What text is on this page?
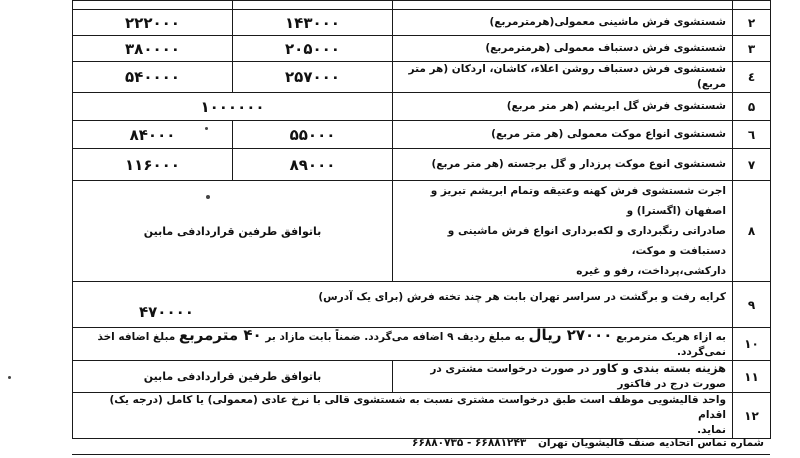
۲	شستشوی فرش ماشینی معمولی(هرمترمربع)	۱۴۳۰۰۰	۲۲۲۰۰۰
۳	شستشوی فرش دستباف معمولی (هرمترمربع)	۲۰۵۰۰۰	۳۸۰۰۰۰
٤	شستشوی فرش دستباف روشن اعلاء، کاشان، اردکان (هر متر مربع)	۲۵۷۰۰۰	۵۴۰۰۰۰
۵	شستشوی فرش گل ابریشم (هر متر مربع)	۱۰۰۰۰۰۰	
٦	شستشوی انواع موکت معمولی (هر متر مربع)	۵۵۰۰۰	۸۴۰۰۰
۷	شستشوی انوع موکت پرزدار و گل برجسته (هر متر مربع)	۸۹۰۰۰	۱۱۶۰۰۰
۸	اجرت شستشوی فرش کهنه وعتیقه وتمام ابریشم تبریز و اصفهان (اگسترا) و
صادراتی رنگبرداری و لکه‌برداری انواع فرش ماشینی و دستبافت و موکت،
دارکشی،پرداخت، رفو و غیره	باتوافق طرفین قراردادفی مابین	
۹	کرایه رفت و برگشت در سراسر تهران بابت هر چند تخته فرش (برای یک آدرس)
۴۷۰۰۰۰		

۱۰	به ازاء هریک مترمربع ۲۷۰۰۰ ریال به مبلغ ردیف ۹ اضافه می‌گردد. ضمناً بابت مازاد بر ۴۰ مترمربع مبلغ اضافه اخذ نمی‌گردد.		
۱۱	هزینه بسته بندی و کاور در صورت درخواست مشتری در صورت درج در فاکتور	باتوافق طرفین قراردادفی مابین	
۱۲	واحد قالیشویی موظف است طبق درخواست مشتری نسبت به شستشوی قالی با نرخ عادی (معمولی) یا کامل (درجه یک) اقدام
نماید.		
شماره تماس اتحادیه صنف قالیشویان تهران ۶۶۸۸۱۲۴۳ - ۶۶۸۸۰۷۳۵
